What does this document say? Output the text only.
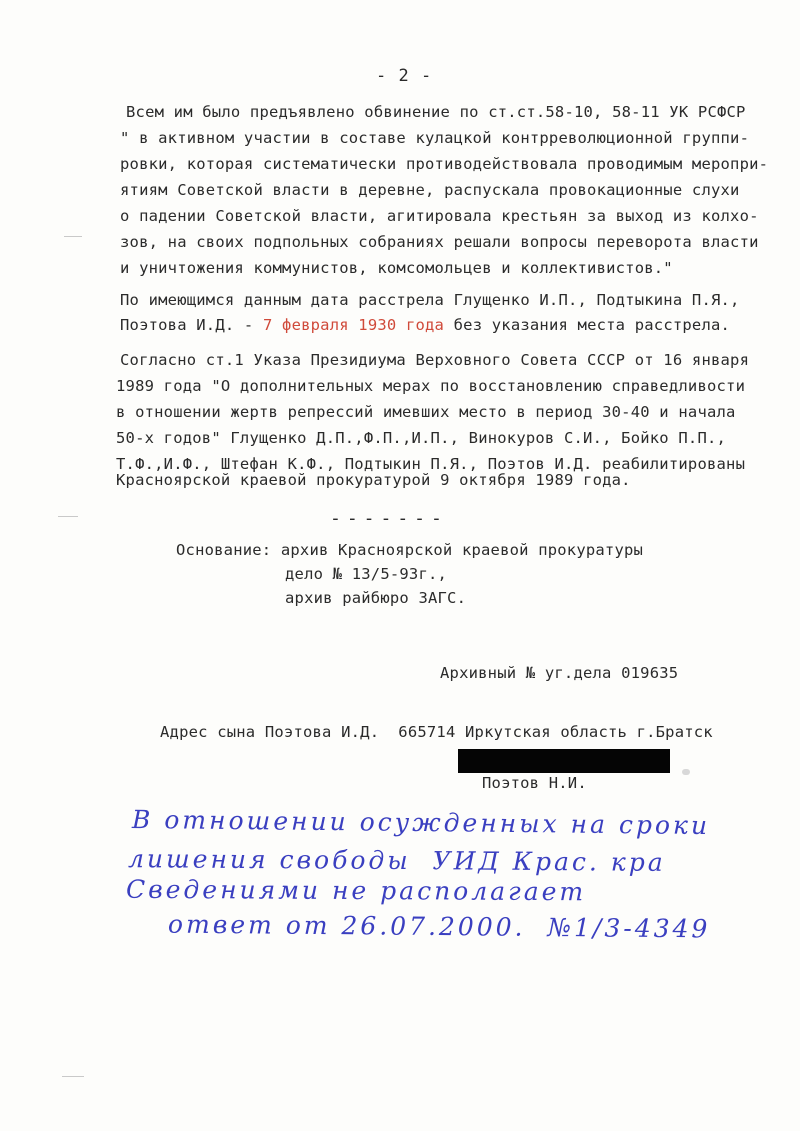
- 2 -
Всем им было предъявлено обвинение по ст.ст.58-10, 58-11 УК РСФСР
" в активном участии в составе кулацкой контрреволюционной группи-
ровки, которая систематически противодействовала проводимым меропри-
ятиям Советской власти в деревне, распускала провокационные слухи
о падении Советской власти, агитировала крестьян за выход из колхо-
зов, на своих подпольных собраниях решали вопросы переворота власти
и уничтожения коммунистов, комсомольцев и коллективистов."
По имеющимся данным дата расстрела Глущенко И.П., Подтыкина П.Я.,
Поэтова И.Д. - 7 февраля 1930 года без указания места расстрела.
Согласно ст.1 Указа Президиума Верховного Совета СССР от 16 января
1989 года "О дополнительных мерах по восстановлению справедливости
в отношении жертв репрессий имевших место в период 30-40 и начала
50-х годов" Глущенко Д.П.,Ф.П.,И.П., Винокуров С.И., Бойко П.П.,
Т.Ф.,И.Ф., Штефан К.Ф., Подтыкин П.Я., Поэтов И.Д. реабилитированы
Красноярской краевой прокуратурой 9 октября 1989 года.
-------
Основание: архив Красноярской краевой прокуратуры
дело № 13/5-93г.,
архив райбюро ЗАГС.
Архивный № уг.дела 019635
Адрес сына Поэтова И.Д.  665714 Иркутская область г.Братск
Поэтов Н.И.
В отношении осужденных на сроки
лишения свободы  УИД Крас. кра
Сведениями не располагает
ответ от 26.07.2000.  №1/3-4349
